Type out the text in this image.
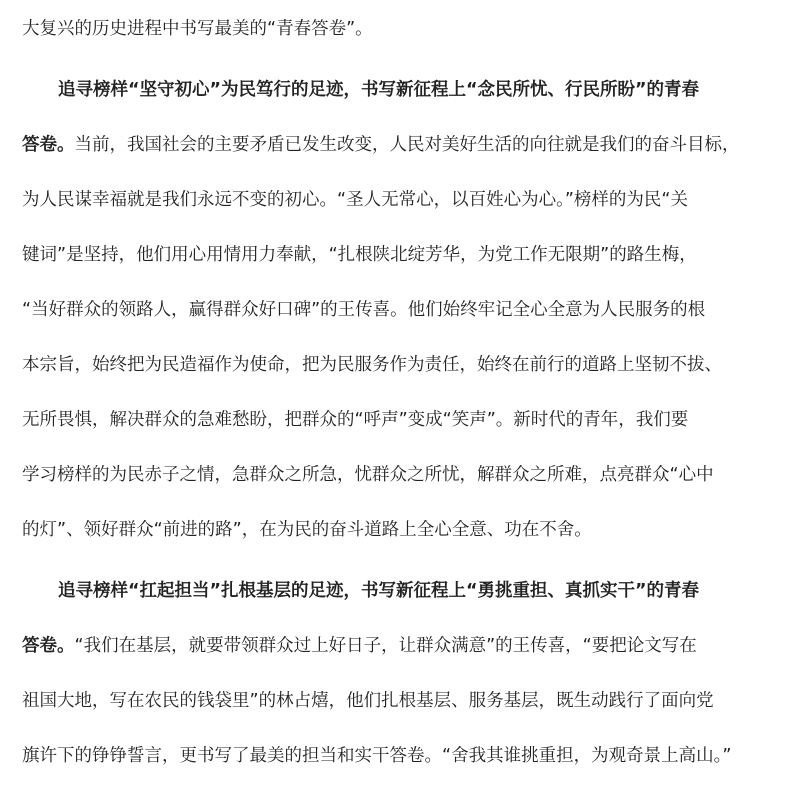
大复兴的历史进程中书写最美的“青春答卷”。
追寻榜样“坚守初心”为民笃行的足迹，书写新征程上“念民所忧、行民所盼”的青春
答卷。当前，我国社会的主要矛盾已发生改变，人民对美好生活的向往就是我们的奋斗目标，
为人民谋幸福就是我们永远不变的初心。“圣人无常心，以百姓心为心。”榜样的为民“关
键词”是坚持，他们用心用情用力奉献，“扎根陕北绽芳华，为党工作无限期”的路生梅，
“当好群众的领路人，赢得群众好口碑”的王传喜。他们始终牢记全心全意为人民服务的根
本宗旨，始终把为民造福作为使命，把为民服务作为责任，始终在前行的道路上坚韧不拔、
无所畏惧，解决群众的急难愁盼，把群众的“呼声”变成“笑声”。新时代的青年，我们要
学习榜样的为民赤子之情，急群众之所急，忧群众之所忧，解群众之所难，点亮群众“心中
的灯”、领好群众“前进的路”，在为民的奋斗道路上全心全意、功在不舍。
追寻榜样“扛起担当”扎根基层的足迹，书写新征程上“勇挑重担、真抓实干”的青春
答卷。“我们在基层，就要带领群众过上好日子，让群众满意”的王传喜，“要把论文写在
祖国大地，写在农民的钱袋里”的林占熺，他们扎根基层、服务基层，既生动践行了面向党
旗许下的铮铮誓言，更书写了最美的担当和实干答卷。“舍我其谁挑重担，为观奇景上高山。”
